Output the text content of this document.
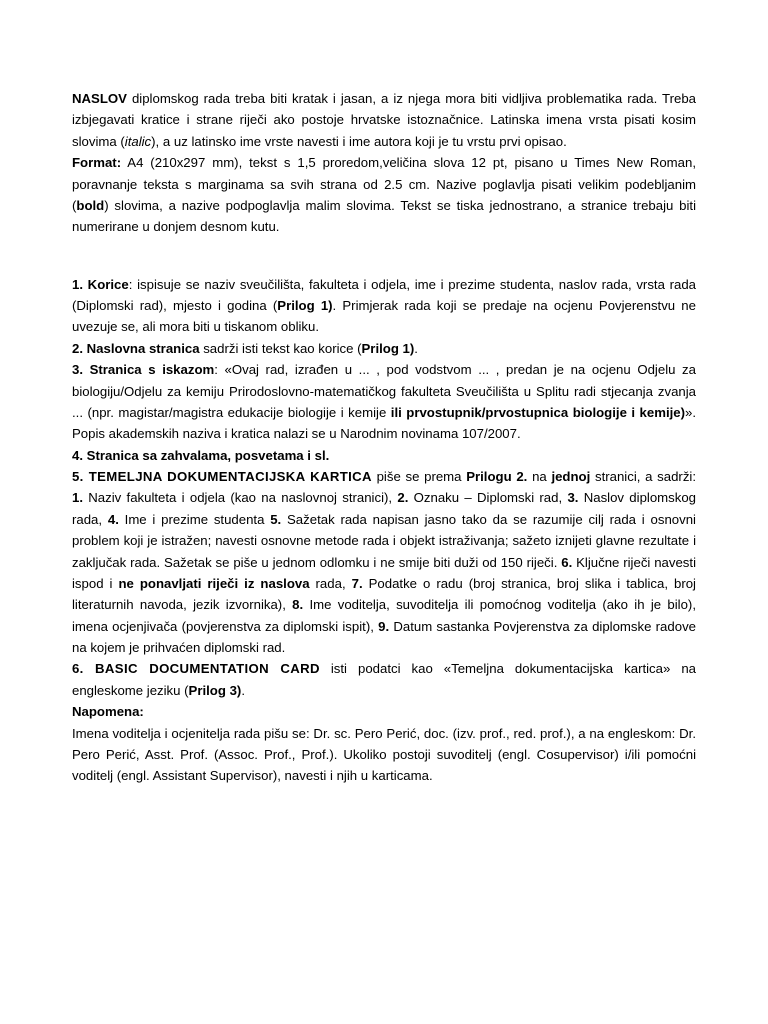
NASLOV diplomskog rada treba biti kratak i jasan, a iz njega mora biti vidljiva problematika rada. Treba izbjegavati kratice i strane riječi ako postoje hrvatske istoznačnice. Latinska imena vrsta pisati kosim slovima (italic), a uz latinsko ime vrste navesti i ime autora koji je tu vrstu prvi opisao.

Format: A4 (210x297 mm), tekst s 1,5 proredom,veličina slova 12 pt, pisano u Times New Roman, poravnanje teksta s marginama sa svih strana od 2.5 cm. Nazive poglavlja pisati velikim podebljanim (bold) slovima, a nazive podpoglavlja malim slovima. Tekst se tiska jednostrano, a stranice trebaju biti numerirane u donjem desnom kutu.

1. Korice: ispisuje se naziv sveučilišta, fakulteta i odjela, ime i prezime studenta, naslov rada, vrsta rada (Diplomski rad), mjesto i godina (Prilog 1). Primjerak rada koji se predaje na ocjenu Povjerenstvu ne uvezuje se, ali mora biti u tiskanom obliku.

2. Naslovna stranica sadrži isti tekst kao korice (Prilog 1).

3. Stranica s iskazom: «Ovaj rad, izrađen u ... , pod vodstvom ... , predan je na ocjenu Odjelu za biologiju/Odjelu za kemiju Prirodoslovno-matematičkog fakulteta Sveučilišta u Splitu radi stjecanja zvanja ... (npr. magistar/magistra edukacije biologije i kemije ili prvostupnik/prvostupnica biologije i kemije)». Popis akademskih naziva i kratica nalazi se u Narodnim novinama 107/2007.

4. Stranica sa zahvalama, posvetama i sl.

5. TEMELJNA DOKUMENTACIJSKA KARTICA piše se prema Prilogu 2. na jednoj stranici, a sadrži: 1. Naziv fakulteta i odjela (kao na naslovnoj stranici), 2. Oznaku – Diplomski rad, 3. Naslov diplomskog rada, 4. Ime i prezime studenta 5. Sažetak rada napisan jasno tako da se razumije cilj rada i osnovni problem koji je istražen; navesti osnovne metode rada i objekt istraživanja; sažeto iznijeti glavne rezultate i zaključak rada. Sažetak se piše u jednom odlomku i ne smije biti duži od 150 riječi. 6. Ključne riječi navesti ispod i ne ponavljati riječi iz naslova rada, 7. Podatke o radu (broj stranica, broj slika i tablica, broj literaturnih navoda, jezik izvornika), 8. Ime voditelja, suvoditelja ili pomoćnog voditelja (ako ih je bilo), imena ocjenjivača (povjerenstva za diplomski ispit), 9. Datum sastanka Povjerenstva za diplomske radove na kojem je prihvaćen diplomski rad.

6. BASIC DOCUMENTATION CARD isti podatci kao «Temeljna dokumentacijska kartica» na engleskome jeziku (Prilog 3).

Napomena:

Imena voditelja i ocjenitelja rada pišu se: Dr. sc. Pero Perić, doc. (izv. prof., red. prof.), a na engleskom: Dr. Pero Perić, Asst. Prof. (Assoc. Prof., Prof.). Ukoliko postoji suvoditelj (engl. Cosupervisor) i/ili pomoćni voditelj (engl. Assistant Supervisor), navesti i njih u karticama.
